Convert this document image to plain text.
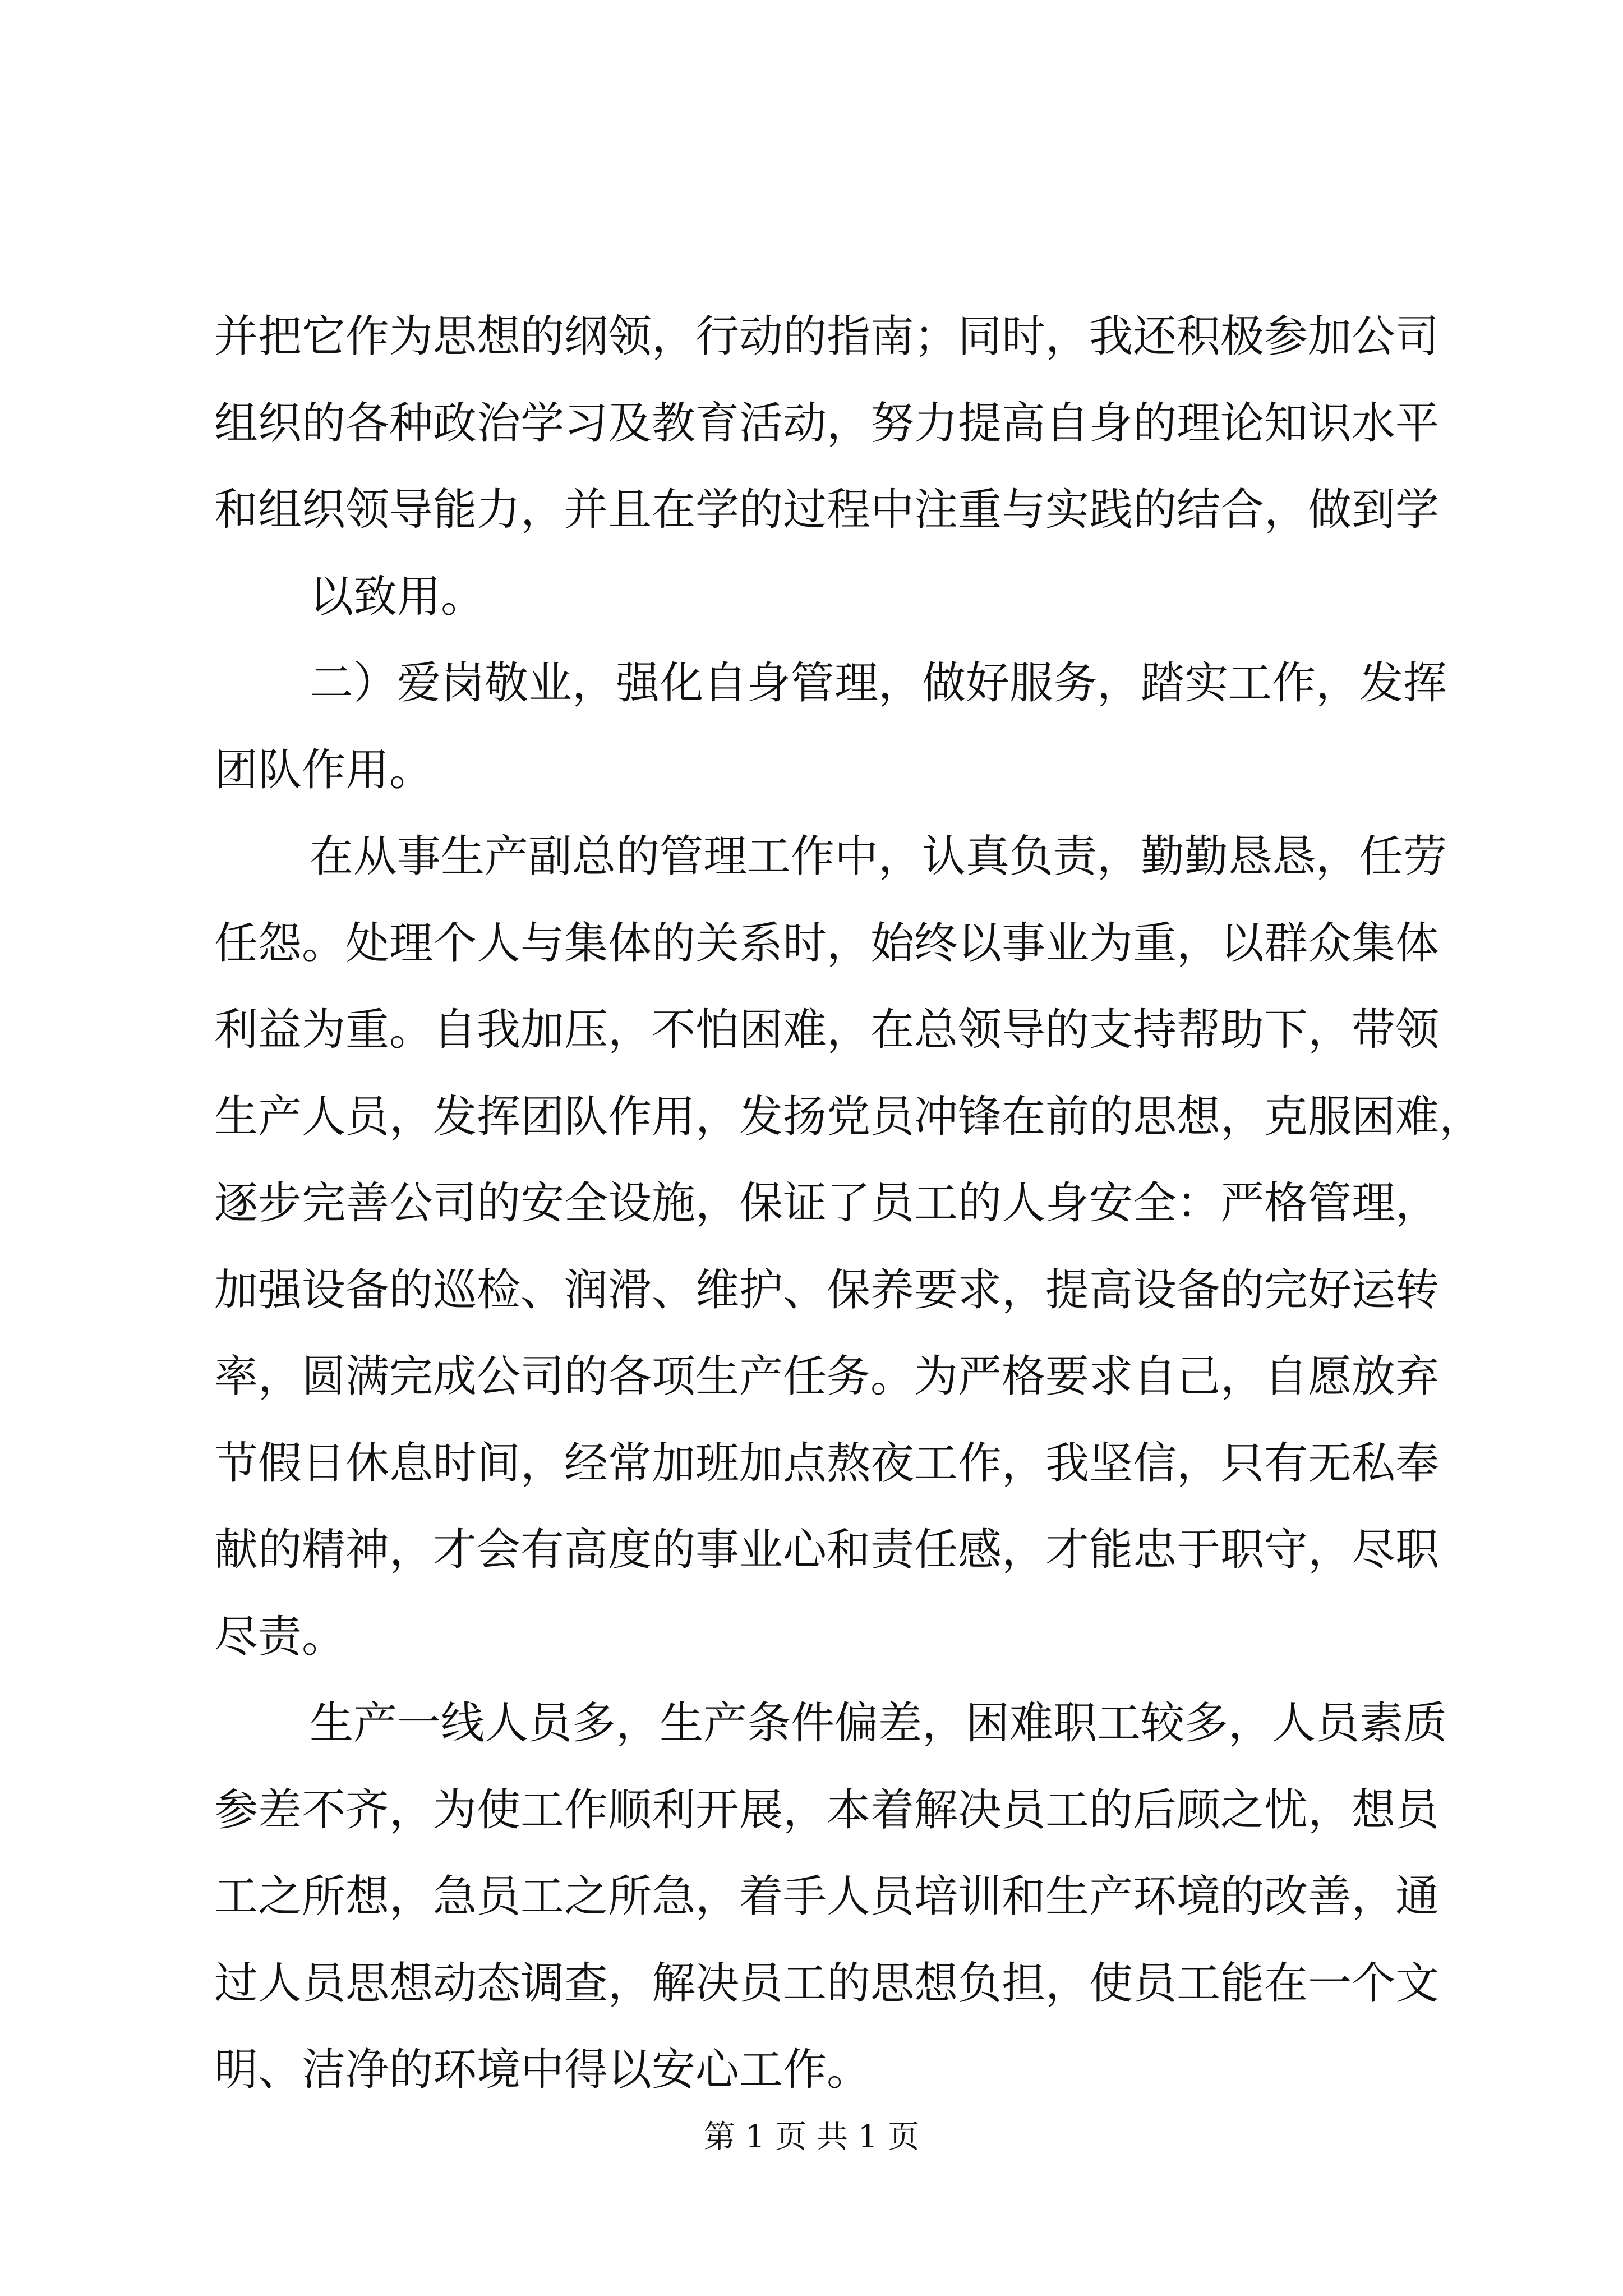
并把它作为思想的纲领，行动的指南；同时，我还积极参加公司
组织的各种政治学习及教育活动，努力提高自身的理论知识水平
和组织领导能力，并且在学的过程中注重与实践的结合，做到学
以致用。
二）爱岗敬业，强化自身管理，做好服务，踏实工作，发挥
团队作用。
在从事生产副总的管理工作中，认真负责，勤勤恳恳，任劳
任怨。处理个人与集体的关系时，始终以事业为重，以群众集体
利益为重。自我加压，不怕困难，在总领导的支持帮助下，带领
生产人员，发挥团队作用，发扬党员冲锋在前的思想，克服困难，
逐步完善公司的安全设施，保证了员工的人身安全：严格管理，
加强设备的巡检、润滑、维护、保养要求，提高设备的完好运转
率，圆满完成公司的各项生产任务。为严格要求自己，自愿放弃
节假日休息时间，经常加班加点熬夜工作，我坚信，只有无私奉
献的精神，才会有高度的事业心和责任感，才能忠于职守，尽职
尽责。
生产一线人员多，生产条件偏差，困难职工较多，人员素质
参差不齐，为使工作顺利开展，本着解决员工的后顾之忧，想员
工之所想，急员工之所急，着手人员培训和生产环境的改善，通
过人员思想动态调查，解决员工的思想负担，使员工能在一个文
明、洁净的环境中得以安心工作。
第 1 页 共 1 页
